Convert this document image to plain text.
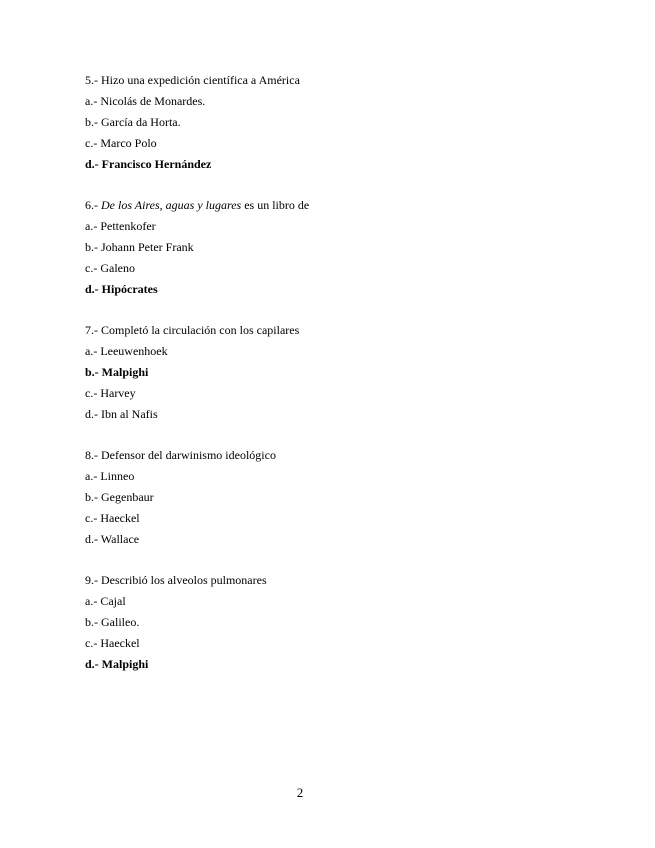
5.- Hizo una expedición científica a América
a.- Nicolás de Monardes.
b.- García da Horta.
c.- Marco Polo
d.- Francisco Hernández
6.- De los Aires, aguas y lugares es un libro de
a.- Pettenkofer
b.- Johann Peter Frank
c.- Galeno
d.- Hipócrates
7.- Completó la circulación con los capilares
a.- Leeuwenhoek
b.- Malpighi
c.- Harvey
d.- Ibn al Nafis
8.- Defensor del darwinismo ideológico
a.- Linneo
b.- Gegenbaur
c.- Haeckel
d.- Wallace
9.- Describió los alveolos pulmonares
a.- Cajal
b.- Galileo.
c.- Haeckel
d.- Malpighi
2
